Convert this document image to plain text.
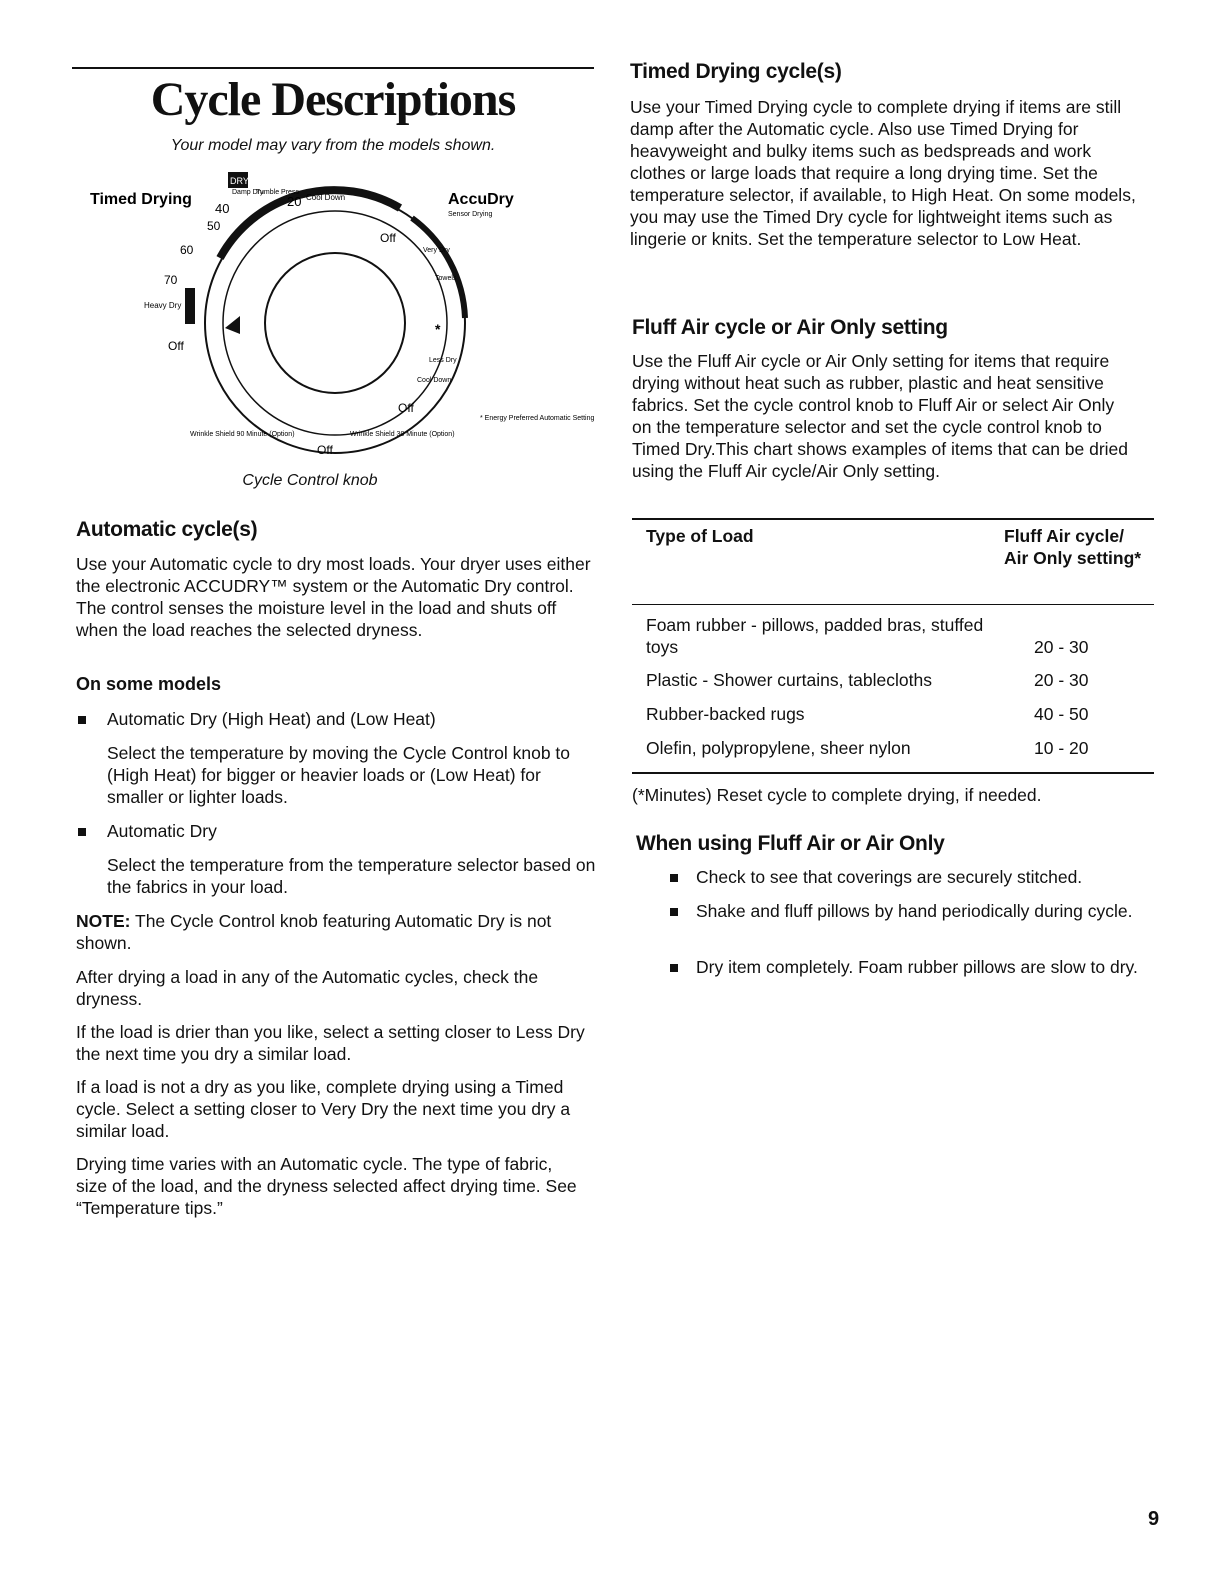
Cycle Descriptions

Your model may vary from the models shown.

DRYEL
Timed Drying	AccuDry
Sensor Drying
40
Damp Dry
Tumble Press
20 Cool Down
50
60
70
Heavy Dry
Off
Off
Very Dry
Towels
*
Less Dry
Cool Down
Off
* Energy Preferred Automatic Setting
Wrinkle Shield 90 Minute (Option)
Off
Wrinkle Shield 30 Minute (Option)

Cycle Control knob

Automatic cycle(s)

Use your Automatic cycle to dry most loads. Your dryer uses either the electronic ACCUDRY™ system or the Automatic Dry control. The control senses the moisture level in the load and shuts off when the load reaches the selected dryness.

On some models

Automatic Dry (High Heat) and (Low Heat)

Select the temperature by moving the Cycle Control knob to (High Heat) for bigger or heavier loads or (Low Heat) for smaller or lighter loads.

Automatic Dry

Select the temperature from the temperature selector based on the fabrics in your load.

NOTE: The Cycle Control knob featuring Automatic Dry is not shown.

After drying a load in any of the Automatic cycles, check the dryness.

If the load is drier than you like, select a setting closer to Less Dry the next time you dry a similar load.

If a load is not a dry as you like, complete drying using a Timed cycle. Select a setting closer to Very Dry the next time you dry a similar load.

Drying time varies with an Automatic cycle. The type of fabric, size of the load, and the dryness selected affect drying time. See “Temperature tips.”

Timed Drying cycle(s)

Use your Timed Drying cycle to complete drying if items are still damp after the Automatic cycle. Also use Timed Drying for heavyweight and bulky items such as bedspreads and work clothes or large loads that require a long drying time. Set the temperature selector, if available, to High Heat. On some models, you may use the Timed Dry cycle for lightweight items such as lingerie or knits. Set the temperature selector to Low Heat.

Fluff Air cycle or Air Only setting

Use the Fluff Air cycle or Air Only setting for items that require drying without heat such as rubber, plastic and heat sensitive fabrics. Set the cycle control knob to Fluff Air or select Air Only on the temperature selector and set the cycle control knob to Timed Dry.This chart shows examples of items that can be dried using the Fluff Air cycle/Air Only setting.

Type of Load	Fluff Air cycle/ Air Only setting*
Foam rubber - pillows, padded bras, stuffed toys	20 - 30
Plastic - Shower curtains, tablecloths	20 - 30
Rubber-backed rugs	40 - 50
Olefin, polypropylene, sheer nylon	10 - 20

(*Minutes) Reset cycle to complete drying, if needed.

When using Fluff Air or Air Only

Check to see that coverings are securely stitched.

Shake and fluff pillows by hand periodically during cycle.

Dry item completely. Foam rubber pillows are slow to dry.

9
